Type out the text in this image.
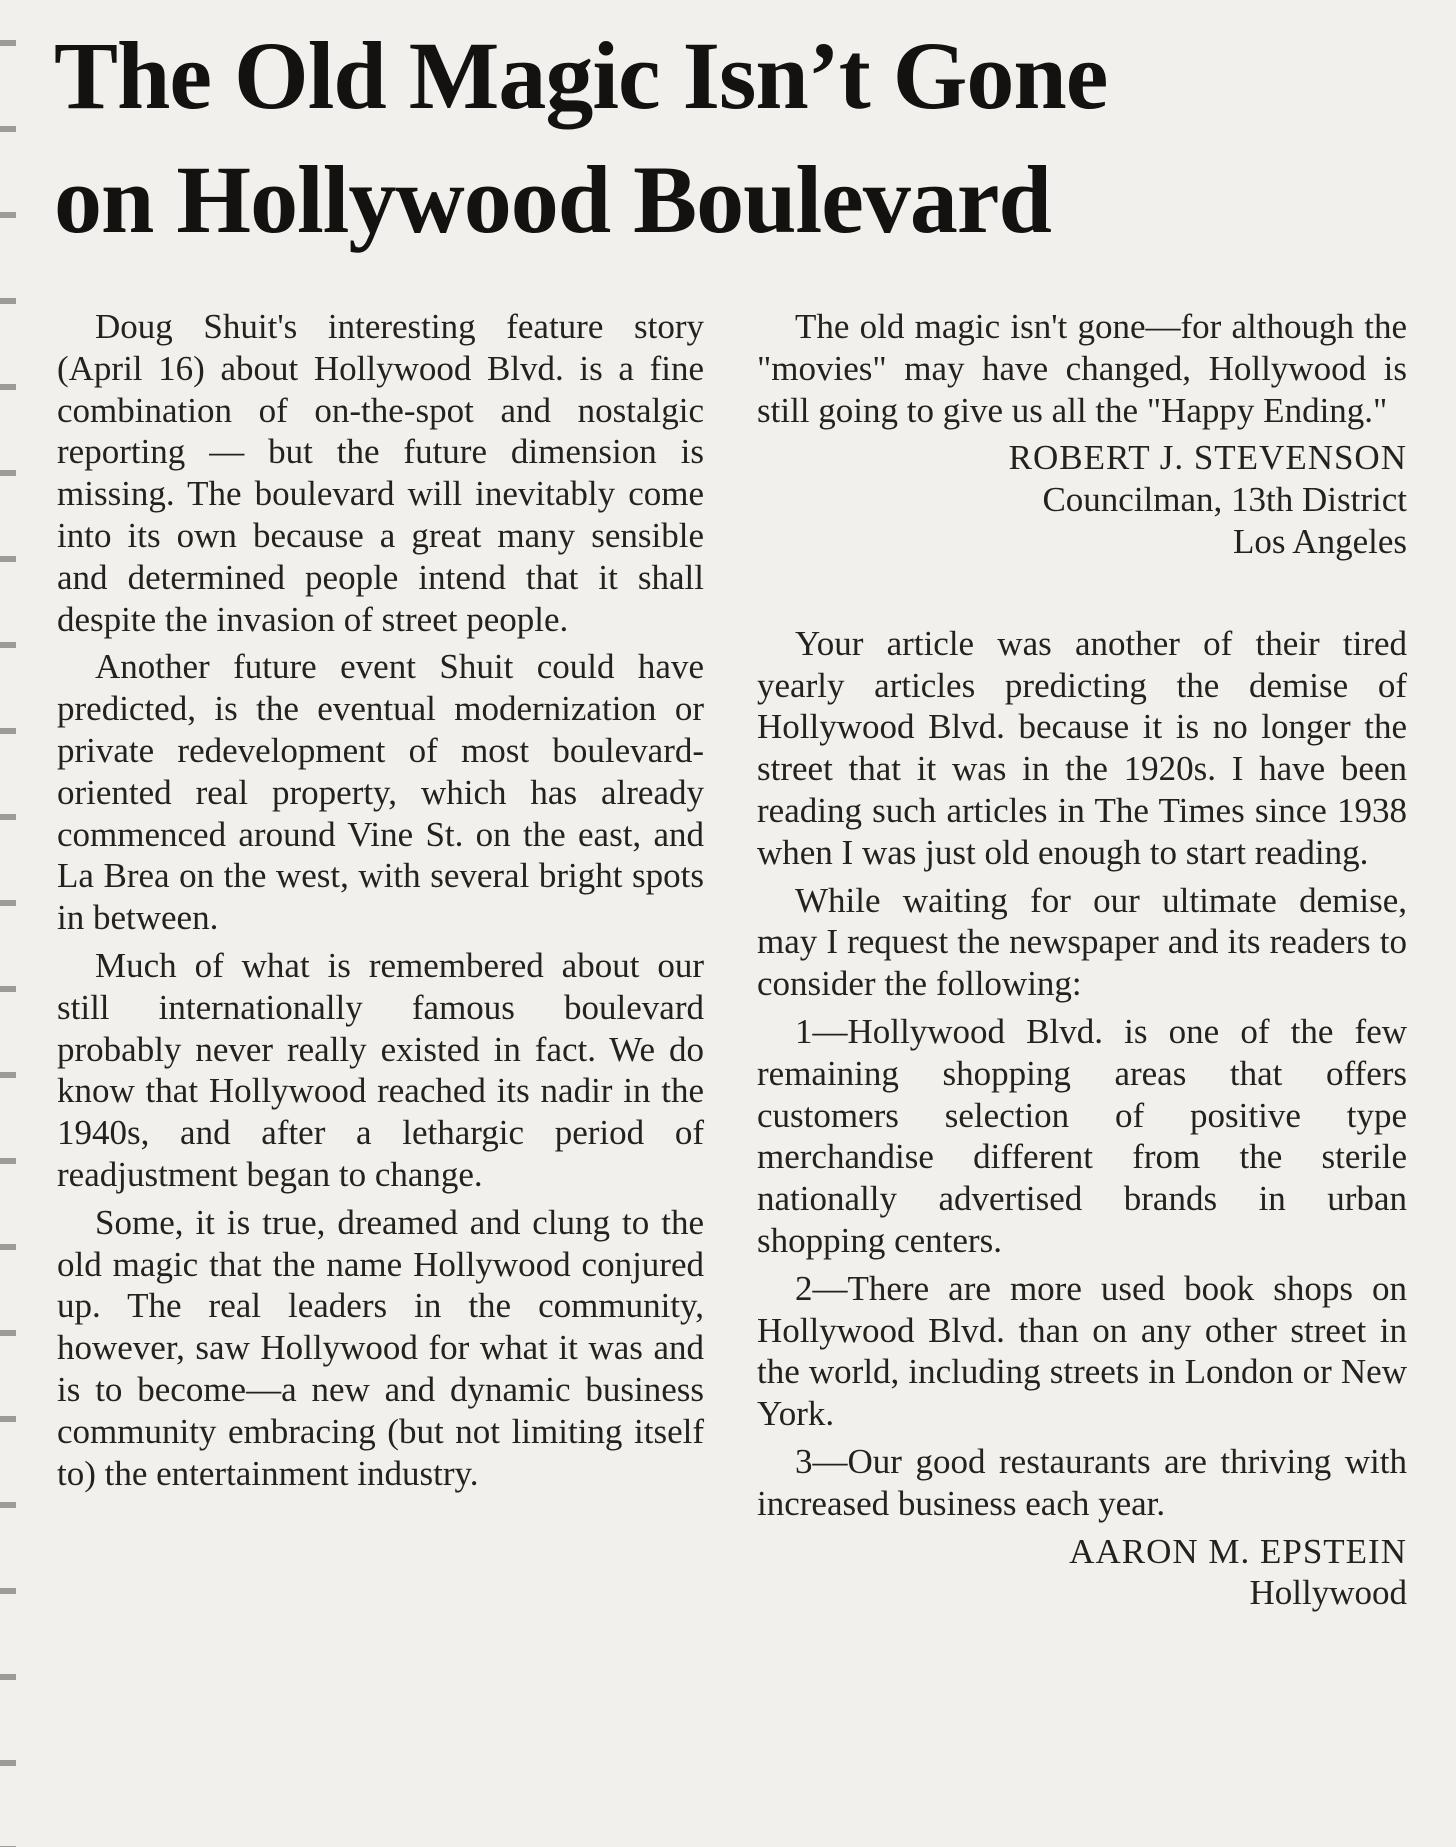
The Old Magic Isn’t Gone
on Hollywood Boulevard

Doug Shuit's interesting feature story (April 16) about Hollywood Blvd. is a fine combination of on-the-spot and nostalgic reporting — but the future dimension is missing. The boulevard will inevitably come into its own because a great many sensible and determined people intend that it shall despite the invasion of street people.

Another future event Shuit could have predicted, is the eventual modernization or private redevelopment of most boulevard-oriented real property, which has already commenced around Vine St. on the east, and La Brea on the west, with several bright spots in between.

Much of what is remembered about our still internationally famous boulevard probably never really existed in fact. We do know that Hollywood reached its nadir in the 1940s, and after a lethargic period of readjustment began to change.

Some, it is true, dreamed and clung to the old magic that the name Hollywood conjured up. The real leaders in the community, however, saw Hollywood for what it was and is to become—a new and dynamic business community embracing (but not limiting itself to) the entertainment industry.

The old magic isn't gone—for although the "movies" may have changed, Hollywood is still going to give us all the "Happy Ending."

ROBERT J. STEVENSON
Councilman, 13th District
Los Angeles

Your article was another of their tired yearly articles predicting the demise of Hollywood Blvd. because it is no longer the street that it was in the 1920s. I have been reading such articles in The Times since 1938 when I was just old enough to start reading.

While waiting for our ultimate demise, may I request the newspaper and its readers to consider the following:

1—Hollywood Blvd. is one of the few remaining shopping areas that offers customers selection of positive type merchandise different from the sterile nationally advertised brands in urban shopping centers.

2—There are more used book shops on Hollywood Blvd. than on any other street in the world, including streets in London or New York.

3—Our good restaurants are thriving with increased business each year.

AARON M. EPSTEIN
Hollywood
